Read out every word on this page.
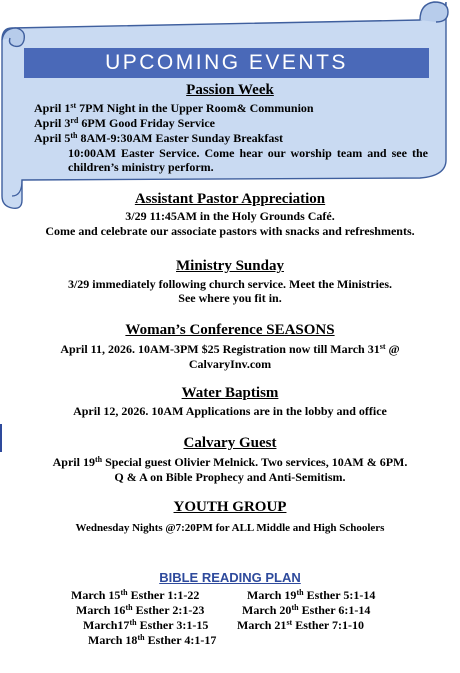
UPCOMING EVENTS

Passion Week

April 1st 7PM Night in the Upper Room& Communion

April 3rd 6PM Good Friday Service

April 5th 8AM-9:30AM Easter Sunday Breakfast

10:00AM Easter Service. Come hear our worship team and see the children’s ministry perform.

Assistant Pastor Appreciation

3/29 11:45AM in the Holy Grounds Café.

Come and celebrate our associate pastors with snacks and refreshments.

Ministry Sunday

3/29 immediately following church service. Meet the Ministries.

See where you fit in.

Woman’s Conference SEASONS

April 11, 2026. 10AM-3PM $25 Registration now till March 31st @

CalvaryInv.com

Water Baptism

April 12, 2026. 10AM Applications are in the lobby and office

Calvary Guest

April 19th Special guest Olivier Melnick. Two services, 10AM & 6PM.

Q & A on Bible Prophecy and Anti-Semitism.

YOUTH GROUP

Wednesday Nights @7:20PM for ALL Middle and High Schoolers

BIBLE READING PLAN

March 15th Esther 1:1-22
March 16th Esther 2:1-23
March17th Esther 3:1-15
March 18th Esther 4:1-17
March 19th Esther 5:1-14
March 20th Esther 6:1-14
March 21st Esther 7:1-10
